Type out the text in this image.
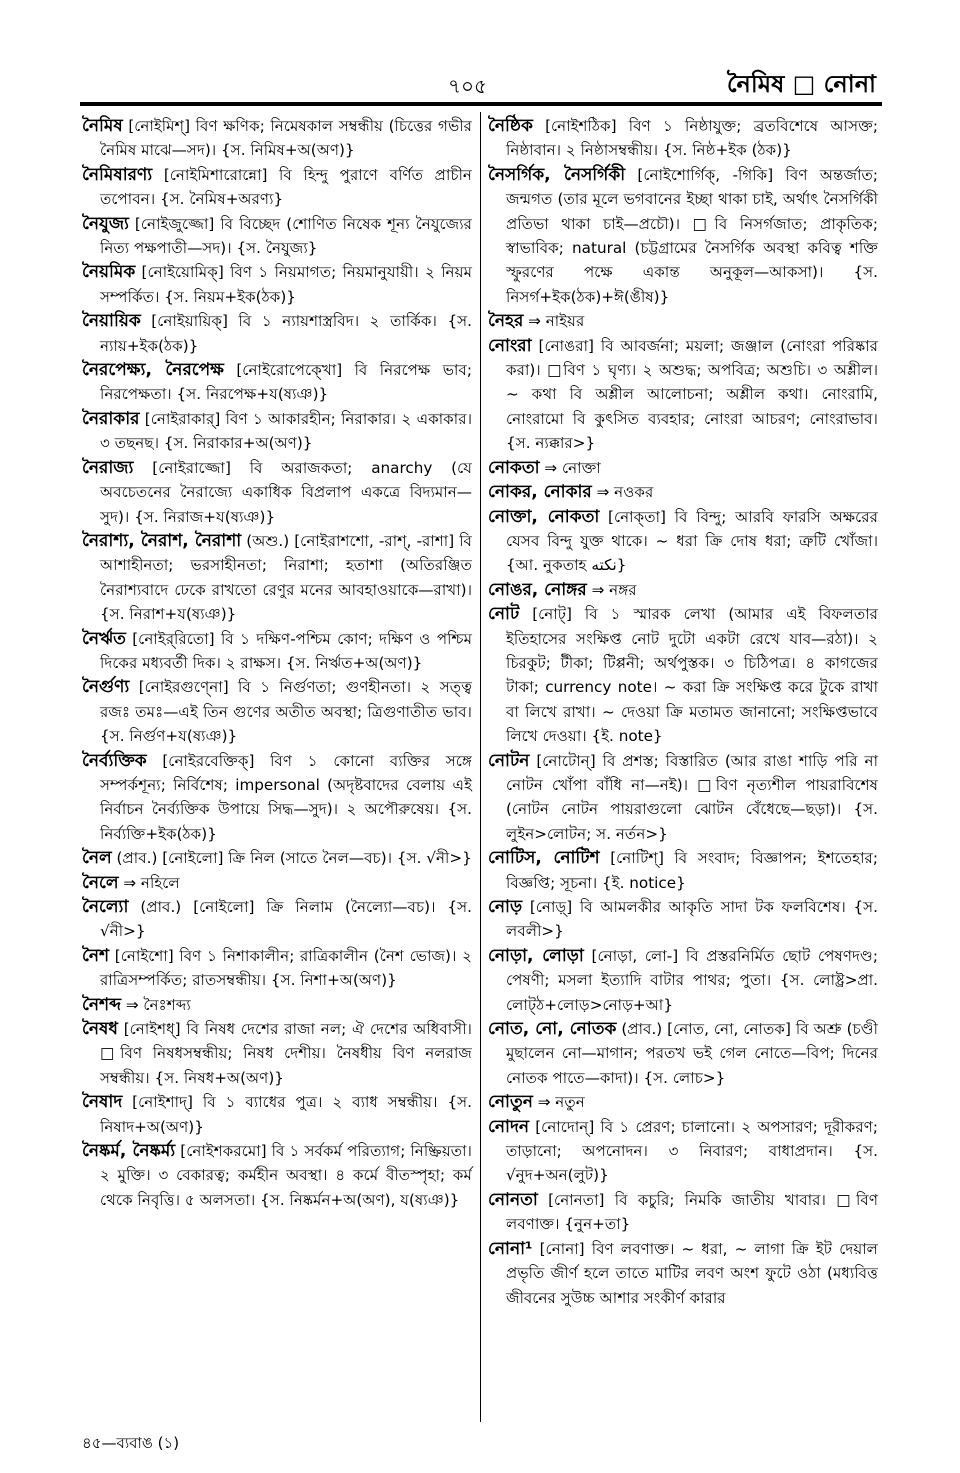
৭০৫	নৈমিষ □ নোনা
নৈমিষ [নোইমিশ্] বিণ ক্ষণিক; নিমেষকাল সম্বন্ধীয় (চিত্তের গভীর নৈমিষ মাঝে—সদ)। {স. নিমিষ+অ(অণ)}
নৈমিষারণ্য [নোইমিশারোন্নো] বি হিন্দু পুরাণে বর্ণিত প্রাচীন তপোবন। {স. নৈমিষ+অরণ্য}
নৈযুজ্য [নোইজুজ্জো] বি বিচ্ছেদ (শোণিত নিষেক শূন্য নৈযুজ্যের নিত্য পক্ষপাতী—সদ)। {স. নৈযুজ্য}
নৈয়মিক [নোইয়োমিক্] বিণ ১ নিয়মাগত; নিয়মানুযায়ী। ২ নিয়ম সম্পর্কিত। {স. নিয়ম+ইক(ঠক)}
নৈয়ায়িক [নোইয়ায়িক্] বি ১ ন্যায়শাস্ত্রবিদ। ২ তার্কিক। {স. ন্যায়+ইক(ঠক)}
নৈরপেক্ষ্য, নৈরপেক্ষ [নোইরোপেক্খো] বি নিরপেক্ষ ভাব; নিরপেক্ষতা। {স. নিরপেক্ষ+য(ষ্যঞ)}
নৈরাকার [নোইরাকার্] বিণ ১ আকারহীন; নিরাকার। ২ একাকার। ৩ তছনছ। {স. নিরাকার+অ(অণ)}
নৈরাজ্য [নোইরাজ্জো] বি অরাজকতা; anarchy (যে অবচেতনের নৈরাজ্যে একাধিক বিপ্রলাপ একত্রে বিদ্যমান—সুদ)। {স. নিরাজ+য(ষ্যঞ)}
নৈরাশ্য, নৈরাশ, নৈরাশা (অশু.) [নোইরাশশো, -রাশ্, -রাশা] বি আশাহীনতা; ভরসাহীনতা; নিরাশা; হতাশা (অতিরঞ্জিত নৈরাশ্যবাদে ঢেকে রাখতো রেণুর মনের আবহাওয়াকে—রাখা)। {স. নিরাশ+য(ষ্যঞ)}
নৈর্ঋত [নোইর্‌রিতো] বি ১ দক্ষিণ-পশ্চিম কোণ; দক্ষিণ ও পশ্চিম দিকের মধ্যবর্তী দিক। ২ রাক্ষস। {স. নির্ঋত+অ(অণ)}
নৈর্গুণ্য [নোইরগুণ্নো] বি ১ নির্গুণতা; গুণহীনতা। ২ সত্ত্ব রজঃ তমঃ—এই তিন গুণের অতীত অবস্থা; ত্রিগুণাতীত ভাব। {স. নির্গুণ+য(ষ্যঞ)}
নৈর্ব্যক্তিক [নোইরবেক্তিক্] বিণ ১ কোনো ব্যক্তির সঙ্গে সম্পর্কশূন্য; নির্বিশেষ; impersonal (অদৃষ্টবাদের বেলায় এই নির্বাচন নৈর্ব্যক্তিক উপায়ে সিদ্ধ—সুদ)। ২ অপৌরুষেয়। {স. নির্ব্যক্তি+ইক(ঠক)}
নৈল (প্রাব.) [নোইলো] ক্রি নিল (সাতে নৈল—বচ)। {স. √নী>}
নৈলে ⇒ নহিলে
নৈল্যো (প্রাব.) [নোইলো] ক্রি নিলাম (নৈল্যো—বচ)। {স. √নী>}
নৈশ [নোইশো] বিণ ১ নিশাকালীন; রাত্রিকালীন (নৈশ ভোজ)। ২ রাত্রিসম্পর্কিত; রাতসম্বন্ধীয়। {স. নিশা+অ(অণ)}
নৈশব্দ ⇒ নৈঃশব্দ্য
নৈষধ [নোইশধ্] বি নিষধ দেশের রাজা নল; ঐ দেশের অধিবাসী। □বিণ নিষধসম্বন্ধীয়; নিষধ দেশীয়। নৈষধীয় বিণ নলরাজ সম্বন্ধীয়। {স. নিষধ+অ(অণ)}
নৈষাদ [নোইশাদ্] বি ১ ব্যাধের পুত্র। ২ ব্যাধ সম্বন্ধীয়। {স. নিষাদ+অ(অণ)}
নৈষ্কর্ম, নৈষ্কর্ম্য [নোইশকরমো] বি ১ সর্বকর্ম পরিত্যাগ; নিষ্ক্রিয়তা। ২ মুক্তি। ৩ বেকারত্ব; কর্মহীন অবস্থা। ৪ কর্মে বীতস্পৃহা; কর্ম থেকে নিবৃত্তি। ৫ অলসতা। {স. নিষ্কর্মন+অ(অণ), য(ষ্যঞ)}
নৈষ্ঠিক [নোইশঠিক] বিণ ১ নিষ্ঠাযুক্ত; ব্রতবিশেষে আসক্ত; নিষ্ঠাবান। ২ নিষ্ঠাসম্বন্ধীয়। {স. নিষ্ঠ+ইক (ঠক)}
নৈসর্গিক, নৈসর্গিকী [নোইশোর্গিক্, -গিকি] বিণ অন্তর্জাত; জন্মগত (তার মূলে ভগবানের ইচ্ছা থাকা চাই, অর্থাৎ নৈসর্গিকী প্রতিভা থাকা চাই—প্রচৌ)। □বি নিসর্গজাত; প্রাকৃতিক; স্বাভাবিক; natural (চট্টগ্রামের নৈসর্গিক অবস্থা কবিত্ব শক্তি স্ফুরণের পক্ষে একান্ত অনুকূল—আকসা)। {স. নিসর্গ+ইক(ঠক)+ঈ(ঙীষ)}
নৈহর ⇒ নাইয়র
নোংরা [নোঙরা] বি আবর্জনা; ময়লা; জঞ্জাল (নোংরা পরিষ্কার করা)। □বিণ ১ ঘৃণ্য। ২ অশুদ্ধ; অপবিত্র; অশুচি। ৩ অশ্লীল। ~ কথা বি অশ্লীল আলোচনা; অশ্লীল কথা। নোংরামি, নোংরামো বি কুৎসিত ব্যবহার; নোংরা আচরণ; নোংরাভাব। {স. ন্যক্কার>}
নোকতা ⇒ নোক্তা
নোকর, নোকার ⇒ নওকর
নোক্তা, নোকতা [নোক্‌তা] বি বিন্দু; আরবি ফারসি অক্ষরের যেসব বিন্দু যুক্ত থাকে। ~ ধরা ক্রি দোষ ধরা; ত্রুটি খোঁজা। {আ. নুকতাহ نكته}
নোঙর, নোঙ্গর ⇒ নঙ্গর
নোট [নোট্] বি ১ স্মারক লেখা (আমার এই বিফলতার ইতিহাসের সংক্ষিপ্ত নোট দুটো একটা রেখে যাব—রঠা)। ২ চিরকুট; টীকা; টিপ্পনী; অর্থপুস্তক। ৩ চিঠিপত্র। ৪ কাগজের টাকা; currency note। ~ করা ক্রি সংক্ষিপ্ত করে টুকে রাখা বা লিখে রাখা। ~ দেওয়া ক্রি মতামত জানানো; সংক্ষিপ্তভাবে লিখে দেওয়া। {ই. note}
নোটন [নোটোন্] বি প্রশস্ত; বিস্তারিত (আর রাঙা শাড়ি পরি না নোটন খোঁপা বাঁধি না—নই)। □বিণ নৃত্যশীল পায়রাবিশেষ (নোটন নোটন পায়রাগুলো ঝোটন বেঁধেছে—ছড়া)। {স. লুইন>লোটন; স. নর্তন>}
নোটিস, নোটিশ [নোটিশ্] বি সংবাদ; বিজ্ঞাপন; ইশতেহার; বিজ্ঞপ্তি; সূচনা। {ই. notice}
নোড় [নোড়্] বি আমলকীর আকৃতি সাদা টক ফলবিশেষ। {স. লবলী>}
নোড়া, লোড়া [নোড়া, লো-] বি প্রস্তরনির্মিত ছোট পেষণদণ্ড; পেষণী; মসলা ইত্যাদি বাটার পাথর; পুতা। {স. লোষ্ট্র>প্রা. লোট্‌ঠ+লোড়>নোড়+আ}
নোত, নো, নোতক (প্রাব.) [নোত, নো, নোতক] বি অশ্রু (চণ্ডী মুছালেন নো—মাগান; পরতখ ভই গেল নোতে—বিপ; দিনের নোতক পাতে—কাদা)। {স. লোচ>}
নোতুন ⇒ নতুন
নোদন [নোদোন্] বি ১ প্রেরণ; চালানো। ২ অপসারণ; দূরীকরণ; তাড়ানো; অপনোদন। ৩ নিবারণ; বাধাপ্রদান। {স. √নুদ+অন(লুট)}
নোনতা [নোনতা] বি কচুরি; নিমকি জাতীয় খাবার। □বিণ লবণাক্ত। {নুন+তা}
নোনা¹ [নোনা] বিণ লবণাক্ত। ~ ধরা, ~ লাগা ক্রি ইট দেয়াল প্রভৃতি জীর্ণ হলে তাতে মাটির লবণ অংশ ফুটে ওঠা (মধ্যবিত্ত জীবনের সুউচ্চ আশার সংকীর্ণ কারার
৪৫—ব্যবাঙ (১)
